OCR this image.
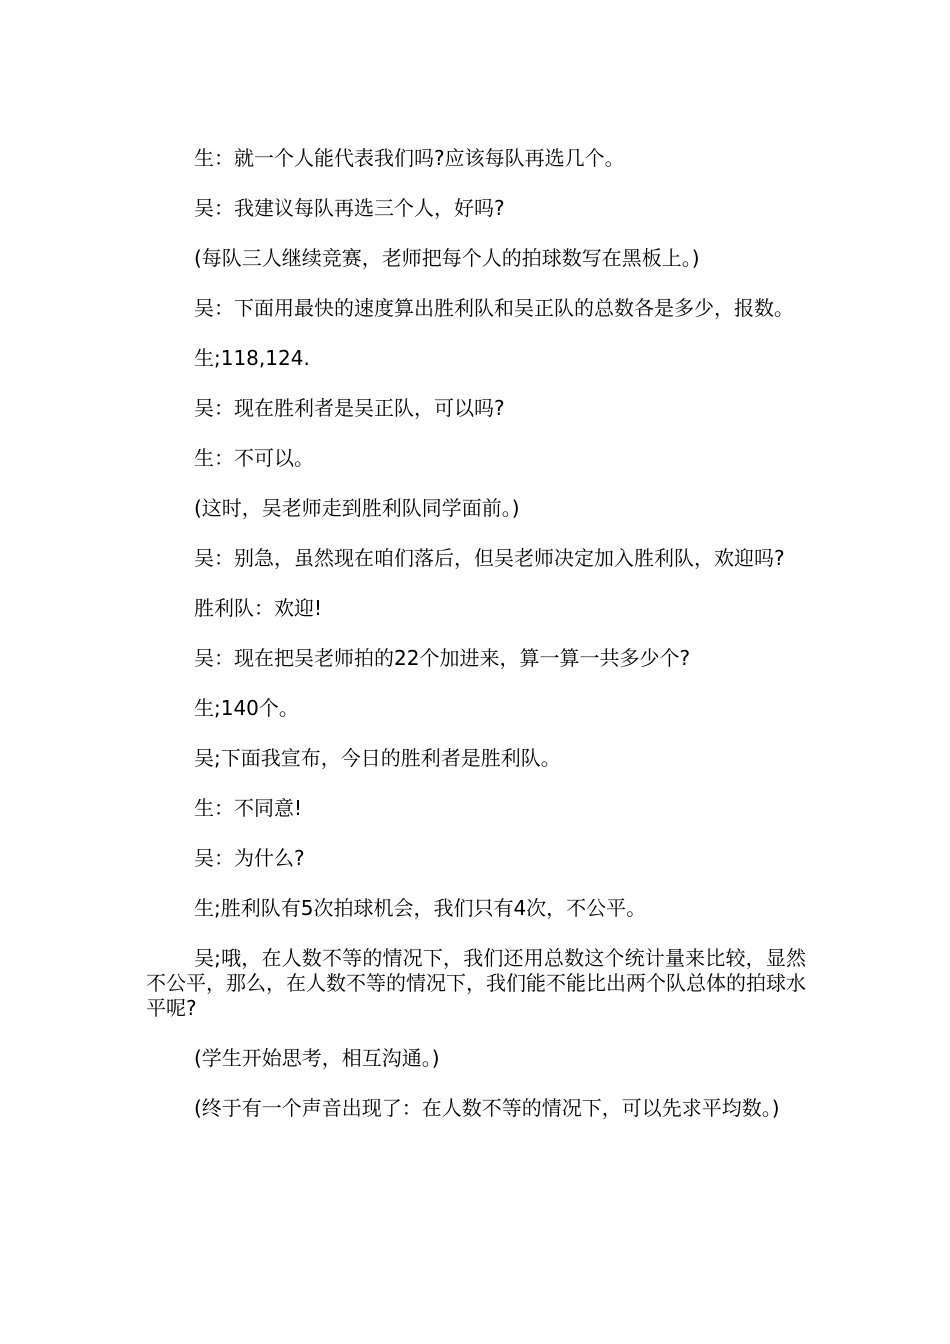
生：就一个人能代表我们吗?应该每队再选几个。

吴：我建议每队再选三个人，好吗?

(每队三人继续竞赛，老师把每个人的拍球数写在黑板上。)

吴：下面用最快的速度算出胜利队和吴正队的总数各是多少，报数。

生;118,124.

吴：现在胜利者是吴正队，可以吗?

生：不可以。

(这时，吴老师走到胜利队同学面前。)

吴：别急，虽然现在咱们落后，但吴老师决定加入胜利队，欢迎吗?

胜利队：欢迎!

吴：现在把吴老师拍的22个加进来，算一算一共多少个?

生;140个。

吴;下面我宣布，今日的胜利者是胜利队。

生：不同意!

吴：为什么?

生;胜利队有5次拍球机会，我们只有4次，不公平。

吴;哦，在人数不等的情况下，我们还用总数这个统计量来比较，显然不公平，那么，在人数不等的情况下，我们能不能比出两个队总体的拍球水平呢?

(学生开始思考，相互沟通。)

(终于有一个声音出现了：在人数不等的情况下，可以先求平均数。)
